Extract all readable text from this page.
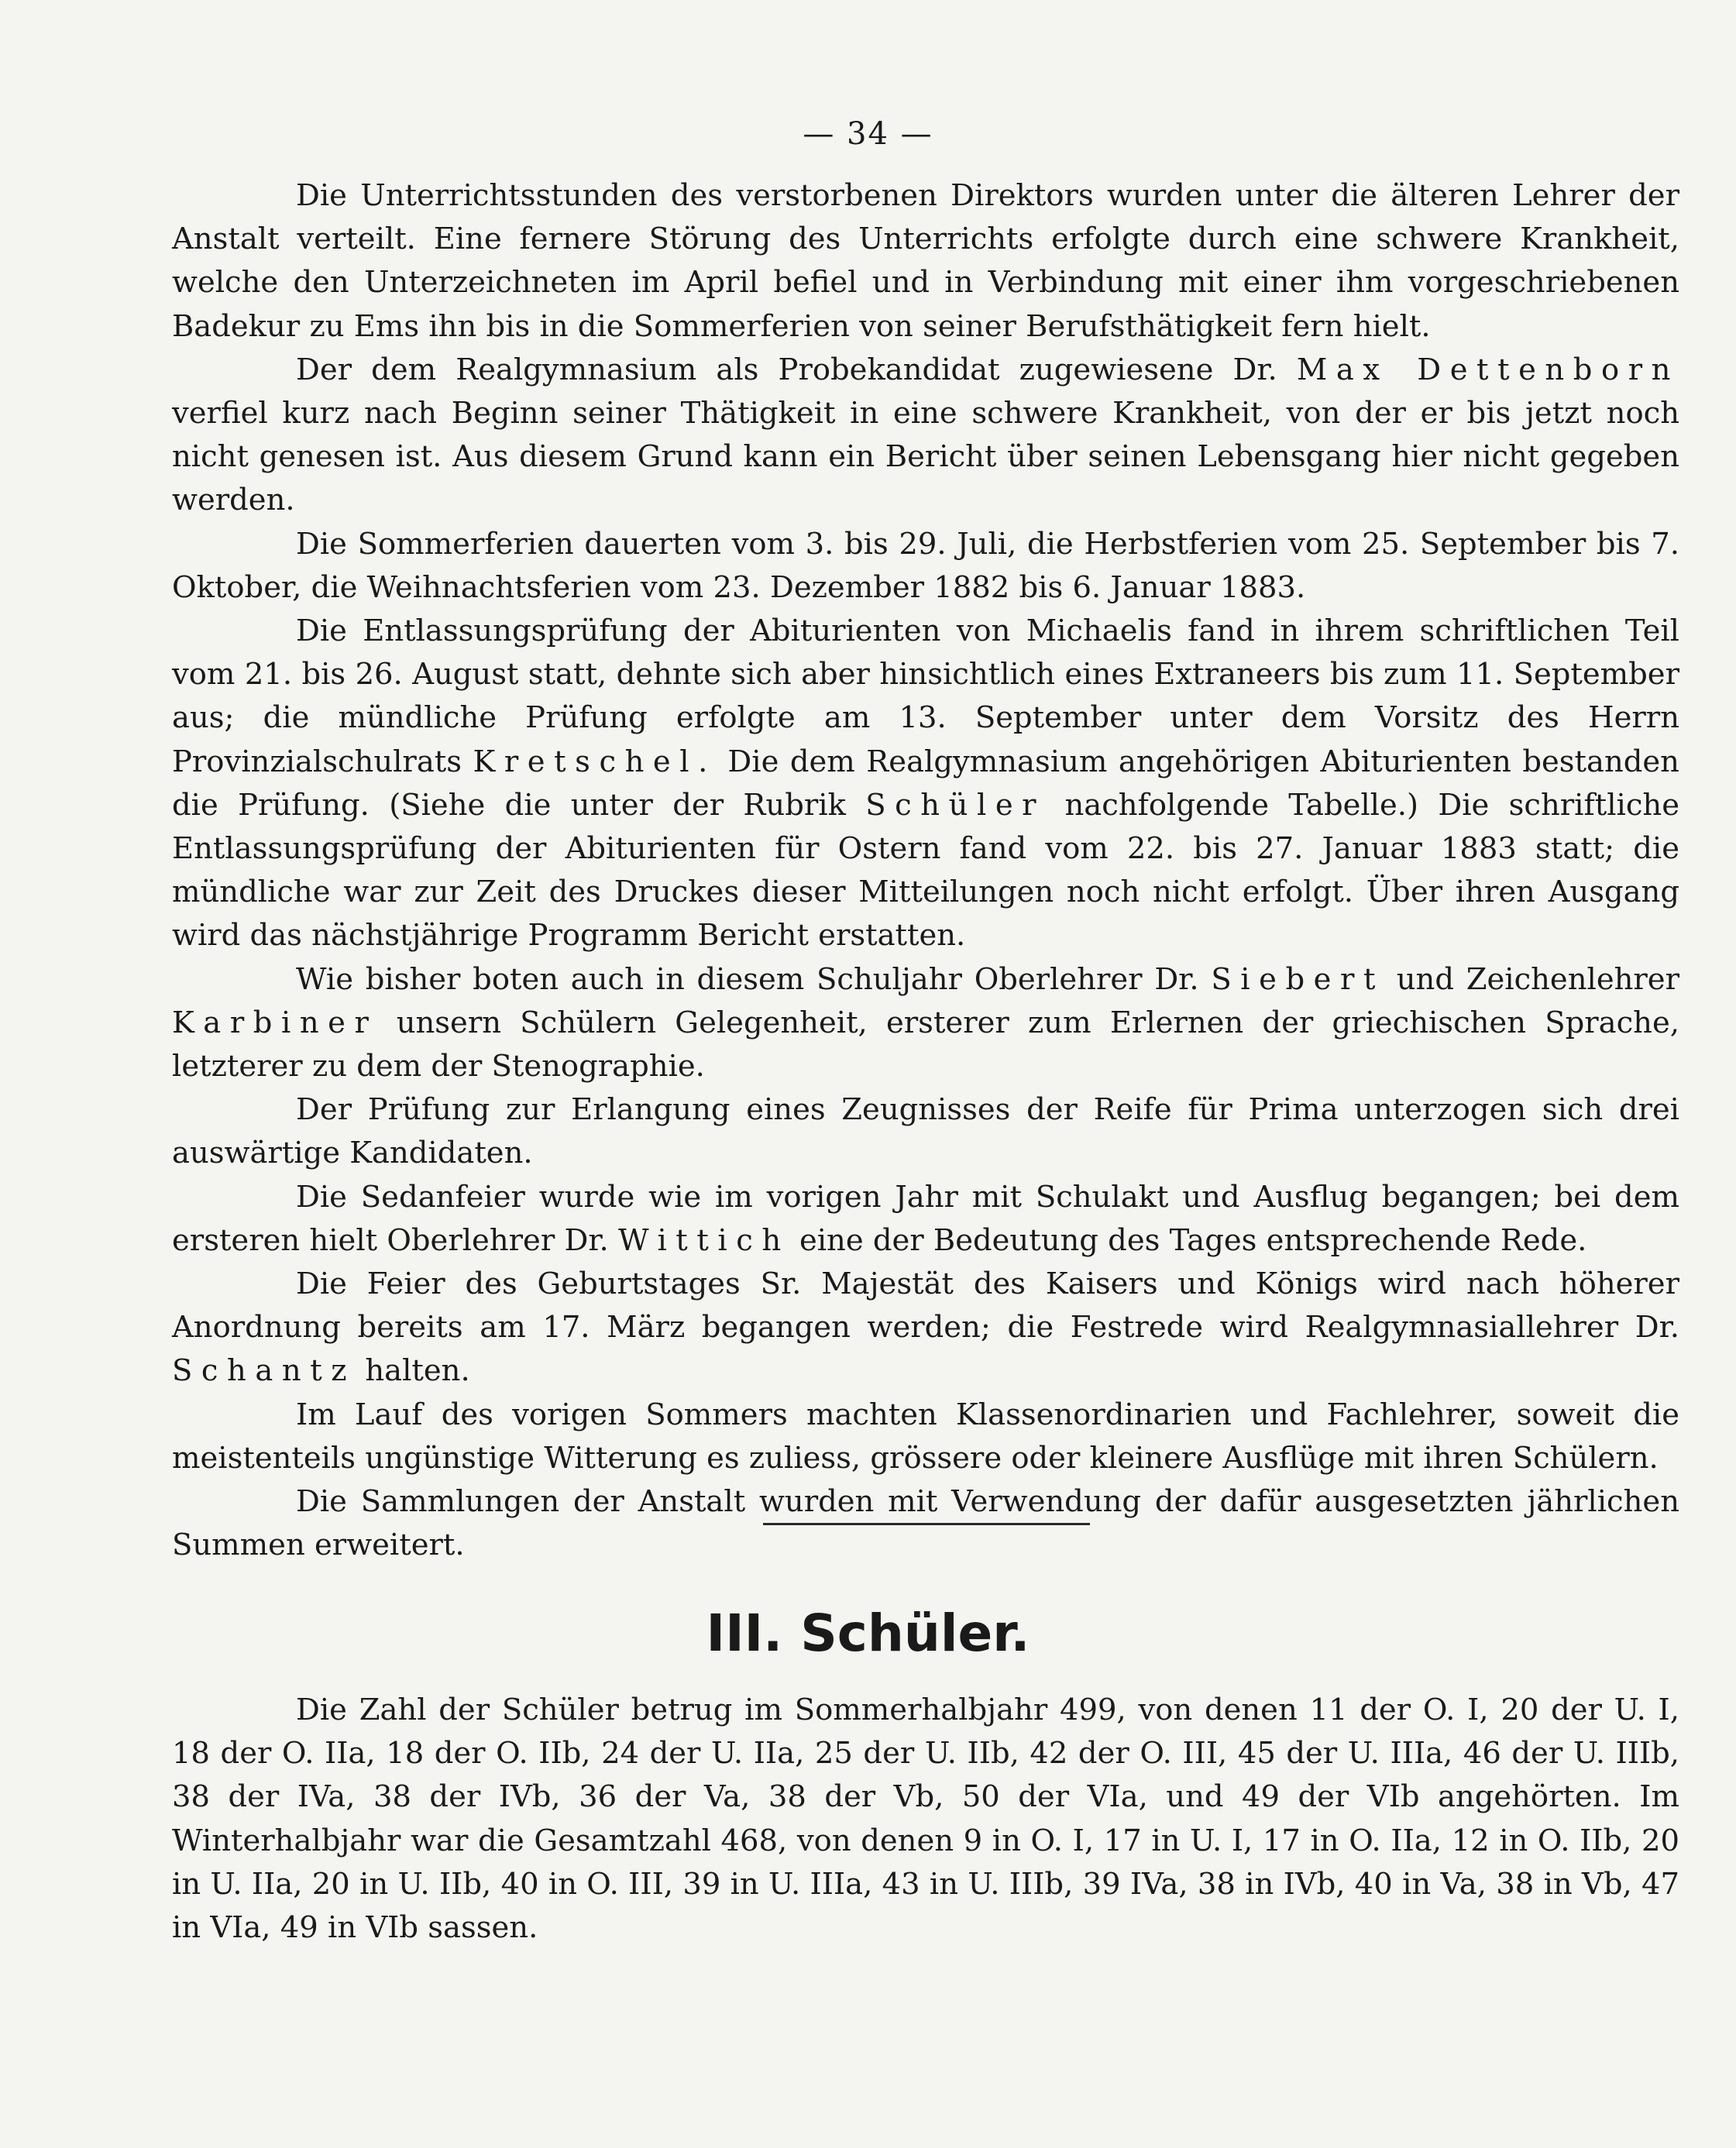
— 34 —

Die Unterrichtsstunden des verstorbenen Direktors wurden unter die älteren Lehrer der Anstalt verteilt. Eine fernere Störung des Unterrichts erfolgte durch eine schwere Krankheit, welche den Unterzeichneten im April befiel und in Verbindung mit einer ihm vorgeschriebenen Badekur zu Ems ihn bis in die Sommerferien von seiner Berufsthätigkeit fern hielt.

Der dem Realgymnasium als Probekandidat zugewiesene Dr. Max Dettenborn verfiel kurz nach Beginn seiner Thätigkeit in eine schwere Krankheit, von der er bis jetzt noch nicht genesen ist. Aus diesem Grund kann ein Bericht über seinen Lebensgang hier nicht gegeben werden.

Die Sommerferien dauerten vom 3. bis 29. Juli, die Herbstferien vom 25. September bis 7. Oktober, die Weihnachtsferien vom 23. Dezember 1882 bis 6. Januar 1883.

Die Entlassungsprüfung der Abiturienten von Michaelis fand in ihrem schriftlichen Teil vom 21. bis 26. August statt, dehnte sich aber hinsichtlich eines Extraneers bis zum 11. September aus; die mündliche Prüfung erfolgte am 13. September unter dem Vorsitz des Herrn Provinzialschulrats Kretschel. Die dem Realgymnasium angehörigen Abiturienten bestanden die Prüfung. (Siehe die unter der Rubrik Schüler nachfolgende Tabelle.) Die schriftliche Entlassungsprüfung der Abiturienten für Ostern fand vom 22. bis 27. Januar 1883 statt; die mündliche war zur Zeit des Druckes dieser Mitteilungen noch nicht erfolgt. Über ihren Ausgang wird das nächstjährige Programm Bericht erstatten.

Wie bisher boten auch in diesem Schuljahr Oberlehrer Dr. Siebert und Zeichenlehrer Karbiner unsern Schülern Gelegenheit, ersterer zum Erlernen der griechischen Sprache, letzterer zu dem der Stenographie.

Der Prüfung zur Erlangung eines Zeugnisses der Reife für Prima unterzogen sich drei auswärtige Kandidaten.

Die Sedanfeier wurde wie im vorigen Jahr mit Schulakt und Ausflug begangen; bei dem ersteren hielt Oberlehrer Dr. Wittich eine der Bedeutung des Tages entsprechende Rede.

Die Feier des Geburtstages Sr. Majestät des Kaisers und Königs wird nach höherer Anordnung bereits am 17. März begangen werden; die Festrede wird Realgymnasiallehrer Dr. Schantz halten.

Im Lauf des vorigen Sommers machten Klassenordinarien und Fachlehrer, soweit die meistenteils ungünstige Witterung es zuliess, grössere oder kleinere Ausflüge mit ihren Schülern.

Die Sammlungen der Anstalt wurden mit Verwendung der dafür ausgesetzten jährlichen Summen erweitert.

III. Schüler.

Die Zahl der Schüler betrug im Sommerhalbjahr 499, von denen 11 der O. I, 20 der U. I, 18 der O. IIa, 18 der O. IIb, 24 der U. IIa, 25 der U. IIb, 42 der O. III, 45 der U. IIIa, 46 der U. IIIb, 38 der IVa, 38 der IVb, 36 der Va, 38 der Vb, 50 der VIa, und 49 der VIb angehörten. Im Winterhalbjahr war die Gesamtzahl 468, von denen 9 in O. I, 17 in U. I, 17 in O. IIa, 12 in O. IIb, 20 in U. IIa, 20 in U. IIb, 40 in O. III, 39 in U. IIIa, 43 in U. IIIb, 39 IVa, 38 in IVb, 40 in Va, 38 in Vb, 47 in VIa, 49 in VIb sassen.
